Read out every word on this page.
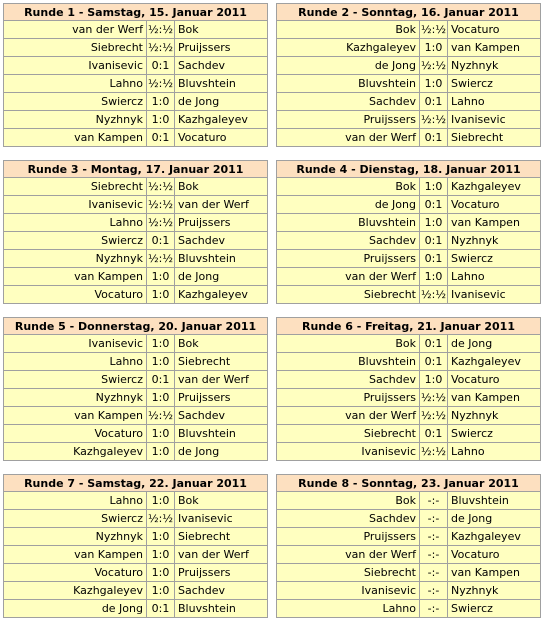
Runde 1 - Samstag, 15. Januar 2011		
van der Werf	½:½	Bok
Siebrecht	½:½	Pruijssers
Ivanisevic	0:1	Sachdev
Lahno	½:½	Bluvshtein
Swiercz	1:0	de Jong
Nyzhnyk	1:0	Kazhgaleyev
van Kampen	0:1	Vocaturo
Runde 2 - Sonntag, 16. Januar 2011		
Bok	½:½	Vocaturo
Kazhgaleyev	1:0	van Kampen
de Jong	½:½	Nyzhnyk
Bluvshtein	1:0	Swiercz
Sachdev	0:1	Lahno
Pruijssers	½:½	Ivanisevic
van der Werf	0:1	Siebrecht
Runde 3 - Montag, 17. Januar 2011		
Siebrecht	½:½	Bok
Ivanisevic	½:½	van der Werf
Lahno	½:½	Pruijssers
Swiercz	0:1	Sachdev
Nyzhnyk	½:½	Bluvshtein
van Kampen	1:0	de Jong
Vocaturo	1:0	Kazhgaleyev
Runde 4 - Dienstag, 18. Januar 2011		
Bok	1:0	Kazhgaleyev
de Jong	0:1	Vocaturo
Bluvshtein	1:0	van Kampen
Sachdev	0:1	Nyzhnyk
Pruijssers	0:1	Swiercz
van der Werf	1:0	Lahno
Siebrecht	½:½	Ivanisevic
Runde 5 - Donnerstag, 20. Januar 2011		
Ivanisevic	1:0	Bok
Lahno	1:0	Siebrecht
Swiercz	0:1	van der Werf
Nyzhnyk	1:0	Pruijssers
van Kampen	½:½	Sachdev
Vocaturo	1:0	Bluvshtein
Kazhgaleyev	1:0	de Jong
Runde 6 - Freitag, 21. Januar 2011		
Bok	0:1	de Jong
Bluvshtein	0:1	Kazhgaleyev
Sachdev	1:0	Vocaturo
Pruijssers	½:½	van Kampen
van der Werf	½:½	Nyzhnyk
Siebrecht	0:1	Swiercz
Ivanisevic	½:½	Lahno
Runde 7 - Samstag, 22. Januar 2011		
Lahno	1:0	Bok
Swiercz	½:½	Ivanisevic
Nyzhnyk	1:0	Siebrecht
van Kampen	1:0	van der Werf
Vocaturo	1:0	Pruijssers
Kazhgaleyev	1:0	Sachdev
de Jong	0:1	Bluvshtein
Runde 8 - Sonntag, 23. Januar 2011		
Bok	-:-	Bluvshtein
Sachdev	-:-	de Jong
Pruijssers	-:-	Kazhgaleyev
van der Werf	-:-	Vocaturo
Siebrecht	-:-	van Kampen
Ivanisevic	-:-	Nyzhnyk
Lahno	-:-	Swiercz
